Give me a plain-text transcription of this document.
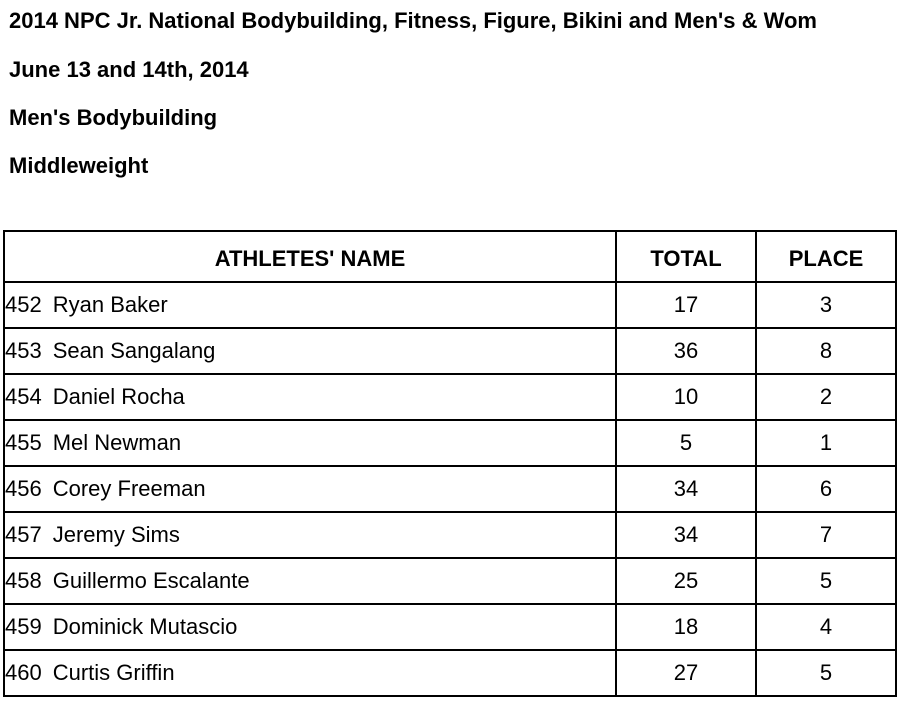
2014 NPC Jr. National Bodybuilding, Fitness, Figure, Bikini and Men's & Wom
June 13 and 14th, 2014
Men's Bodybuilding
Middleweight
ATHLETES' NAME	TOTAL	PLACE
452 Ryan Baker	17	3
453 Sean Sangalang	36	8
454 Daniel Rocha	10	2
455 Mel Newman	5	1
456 Corey Freeman	34	6
457 Jeremy Sims	34	7
458 Guillermo Escalante	25	5
459 Dominick Mutascio	18	4
460 Curtis Griffin	27	5
